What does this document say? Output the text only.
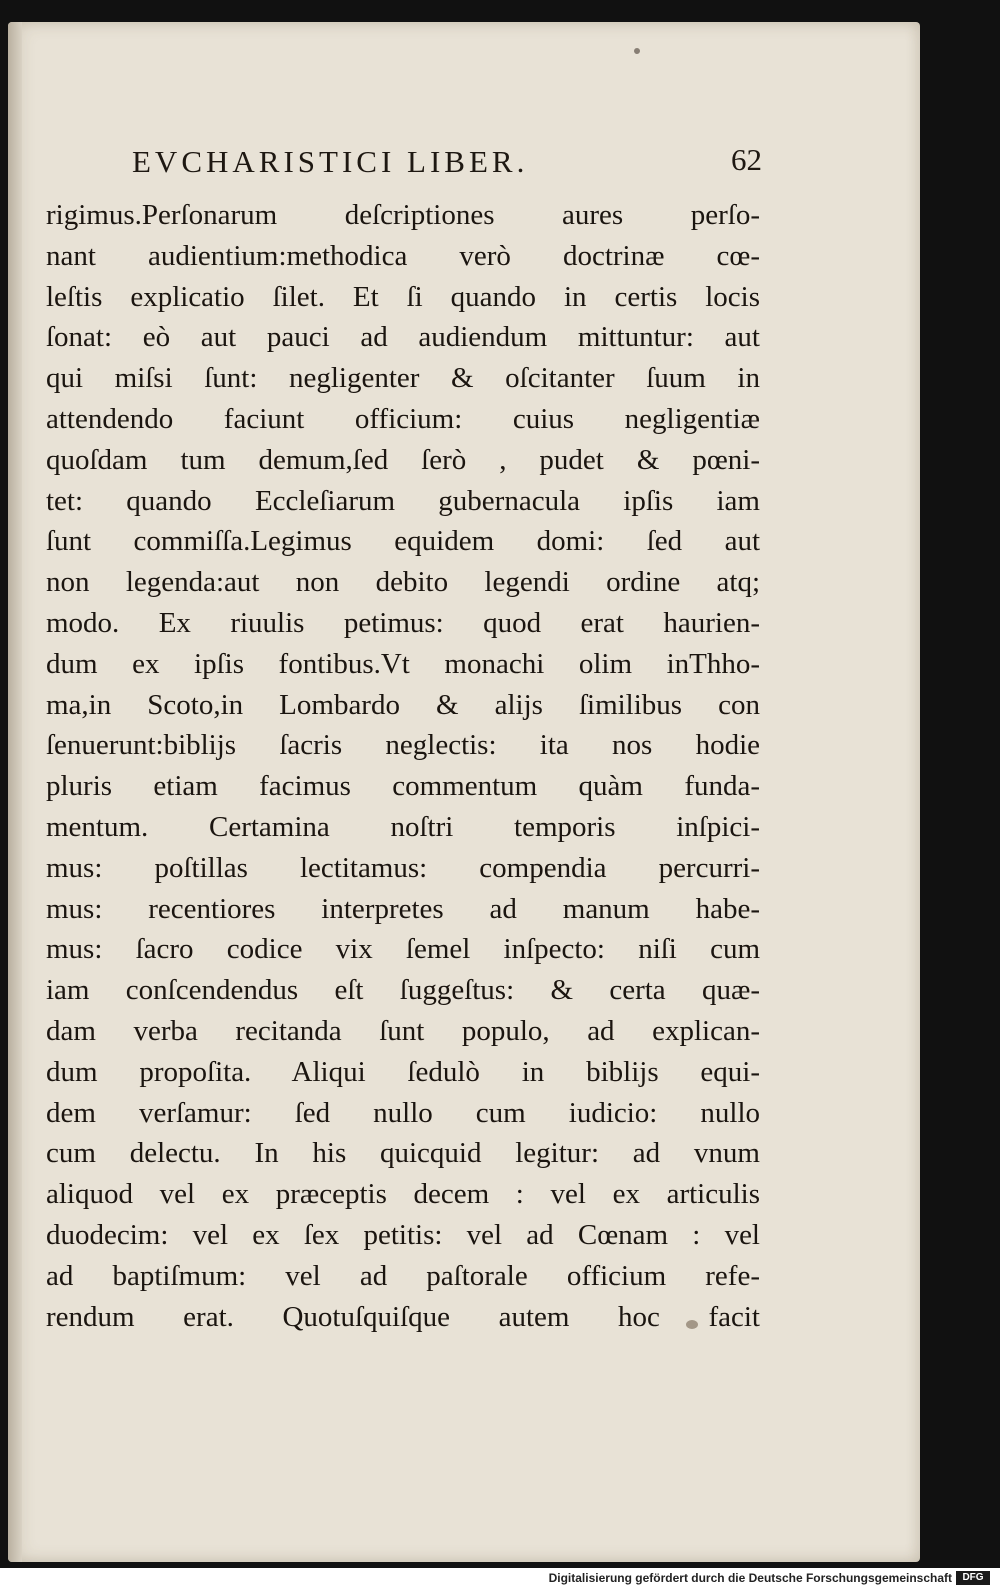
EVCHARISTICI LIBER.	62
rigimus.Perſonarum deſcriptiones aures perſo-
nant audientium:methodica verò doctrinæ cœ-
leſtis explicatio ſilet. Et ſi quando in certis locis
ſonat: eò aut pauci ad audiendum mittuntur: aut
qui miſsi ſunt: negligenter & oſcitanter ſuum in
attendendo faciunt officium: cuius negligentiæ
quoſdam tum demum,ſed ſerò , pudet & pœni-
tet: quando Eccleſiarum gubernacula ipſis iam
ſunt commiſſa.Legimus equidem domi: ſed aut
non legenda:aut non debito legendi ordine atq;
modo. Ex riuulis petimus: quod erat haurien-
dum ex ipſis fontibus.Vt monachi olim inThho-
ma,in Scoto,in Lombardo & alijs ſimilibus con
ſenuerunt:biblijs ſacris neglectis: ita nos hodie
pluris etiam facimus commentum quàm funda-
mentum. Certamina noſtri temporis inſpici-
mus: poſtillas lectitamus: compendia percurri-
mus: recentiores interpretes ad manum habe-
mus: ſacro codice vix ſemel inſpecto: niſi cum
iam conſcendendus eſt ſuggeſtus: & certa quæ-
dam verba recitanda ſunt populo, ad explican-
dum propoſita. Aliqui ſedulò in biblijs equi-
dem verſamur: ſed nullo cum iudicio: nullo
cum delectu. In his quicquid legitur: ad vnum
aliquod vel ex præceptis decem : vel ex articulis
duodecim: vel ex ſex petitis: vel ad Cœnam : vel
ad baptiſmum: vel ad paſtorale officium refe-
rendum erat. Quotuſquiſque autem hoc facit
Digitalisierung gefördert durch die Deutsche Forschungsgemeinschaft	DFG
